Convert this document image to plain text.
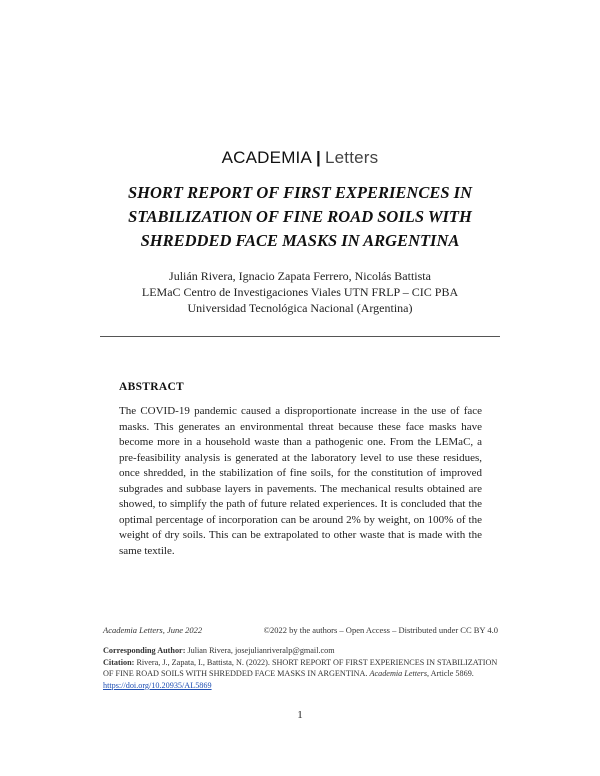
ACADEMIA | Letters
SHORT REPORT OF FIRST EXPERIENCES IN
STABILIZATION OF FINE ROAD SOILS WITH
SHREDDED FACE MASKS IN ARGENTINA
Julián Rivera, Ignacio Zapata Ferrero, Nicolás Battista
LEMaC Centro de Investigaciones Viales UTN FRLP – CIC PBA
Universidad Tecnológica Nacional (Argentina)
ABSTRACT
The COVID-19 pandemic caused a disproportionate increase in the use of face masks. This generates an environmental threat because these face masks have become more in a household waste than a pathogenic one. From the LEMaC, a pre-feasibility analysis is generated at the laboratory level to use these residues, once shredded, in the stabilization of fine soils, for the constitution of improved subgrades and subbase layers in pavements. The mechanical results obtained are showed, to simplify the path of future related experiences. It is concluded that the optimal percentage of incorporation can be around 2% by weight, on 100% of the weight of dry soils. This can be extrapolated to other waste that is made with the same textile.
Academia Letters, June 2022	©2022 by the authors – Open Access – Distributed under CC BY 4.0
Corresponding Author: Julian Rivera, josejulianriveralp@gmail.com
Citation: Rivera, J., Zapata, I., Battista, N. (2022). SHORT REPORT OF FIRST EXPERIENCES IN STABILIZATION OF FINE ROAD SOILS WITH SHREDDED FACE MASKS IN ARGENTINA. Academia Letters, Article 5869. https://doi.org/10.20935/AL5869
1
